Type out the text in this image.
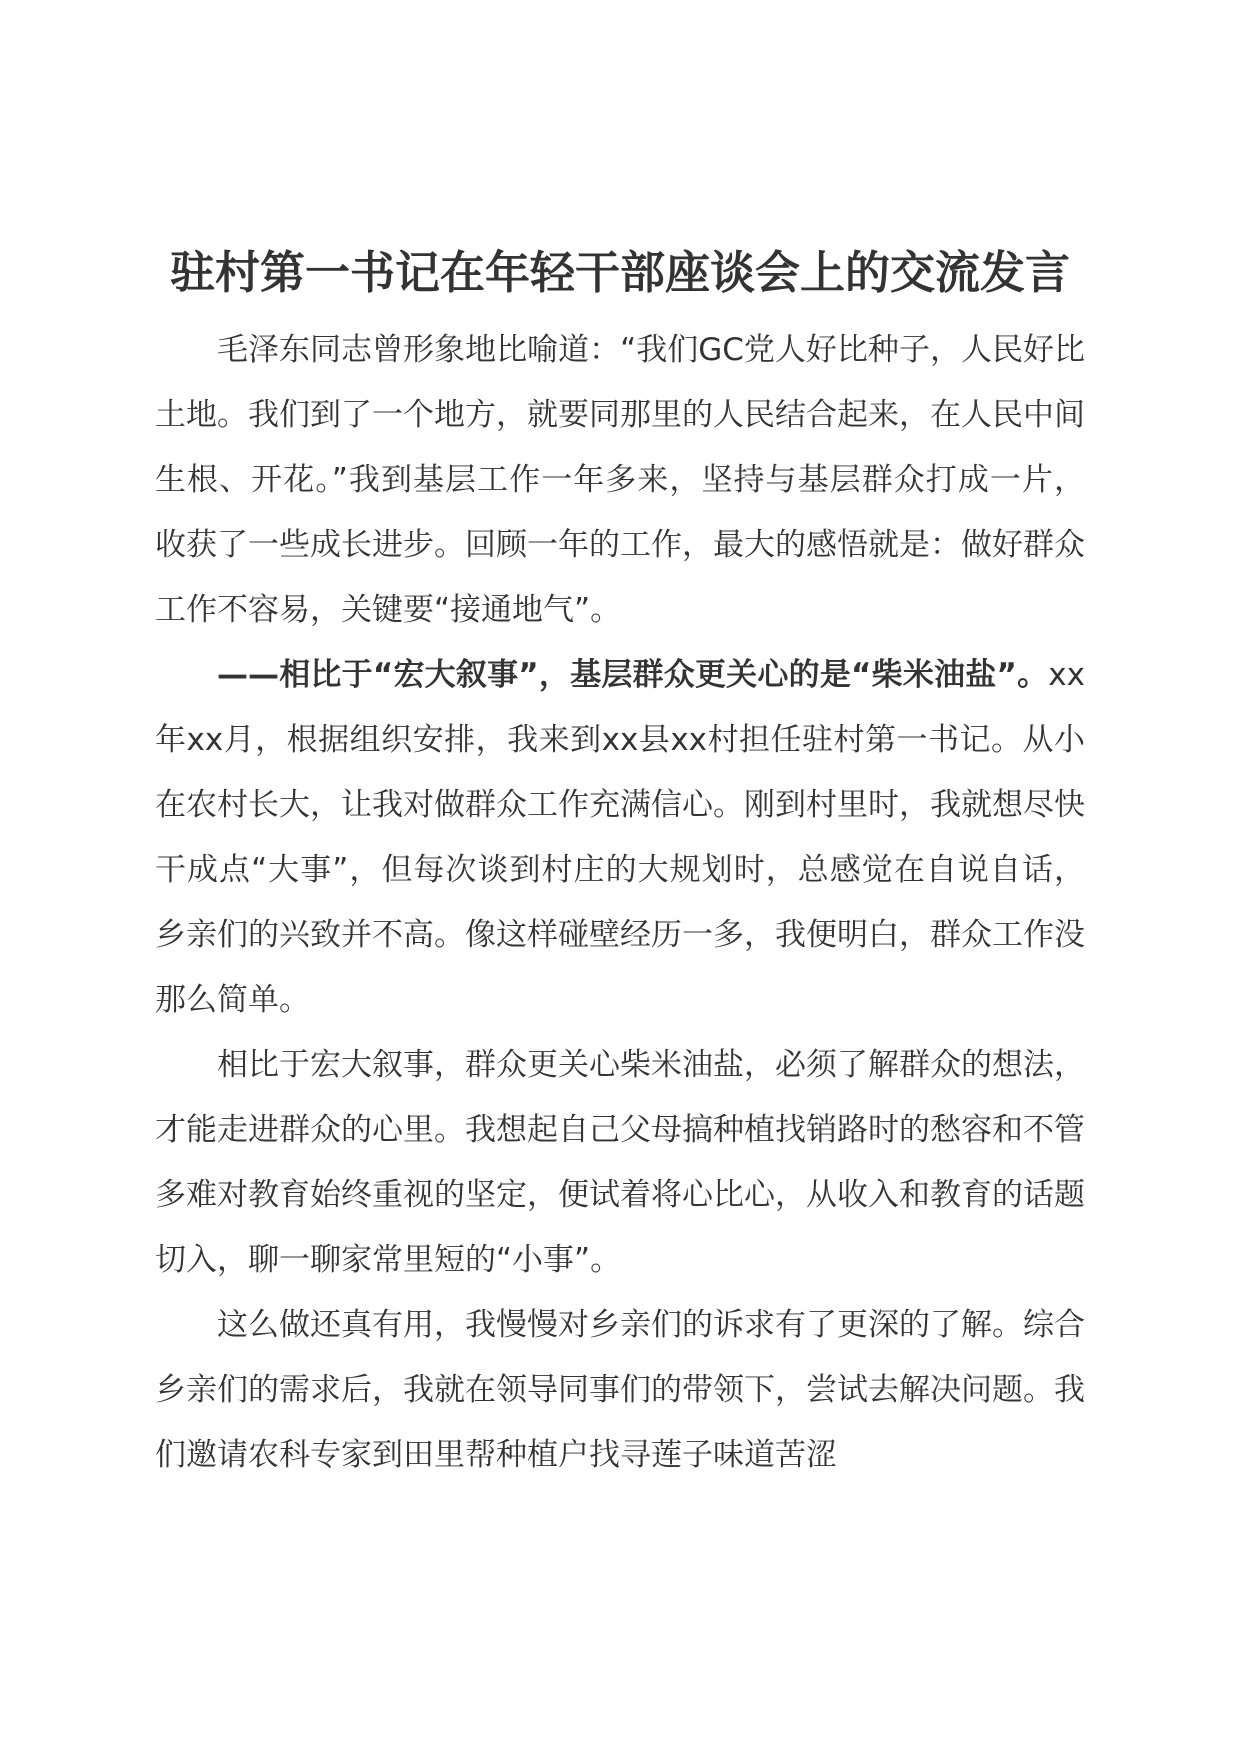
驻村第一书记在年轻干部座谈会上的交流发言

毛泽东同志曾形象地比喻道：“我们GC党人好比种子，人民好比土地。我们到了一个地方，就要同那里的人民结合起来，在人民中间生根、开花。”我到基层工作一年多来，坚持与基层群众打成一片，收获了一些成长进步。回顾一年的工作，最大的感悟就是：做好群众工作不容易，关键要“接通地气”。

——相比于“宏大叙事”，基层群众更关心的是“柴米油盐”。xx年xx月，根据组织安排，我来到xx县xx村担任驻村第一书记。从小在农村长大，让我对做群众工作充满信心。刚到村里时，我就想尽快干成点“大事”，但每次谈到村庄的大规划时，总感觉在自说自话，乡亲们的兴致并不高。像这样碰壁经历一多，我便明白，群众工作没那么简单。

相比于宏大叙事，群众更关心柴米油盐，必须了解群众的想法，才能走进群众的心里。我想起自己父母搞种植找销路时的愁容和不管多难对教育始终重视的坚定，便试着将心比心，从收入和教育的话题切入，聊一聊家常里短的“小事”。

这么做还真有用，我慢慢对乡亲们的诉求有了更深的了解。综合乡亲们的需求后，我就在领导同事们的带领下，尝试去解决问题。我们邀请农科专家到田里帮种植户找寻莲子味道苦涩
